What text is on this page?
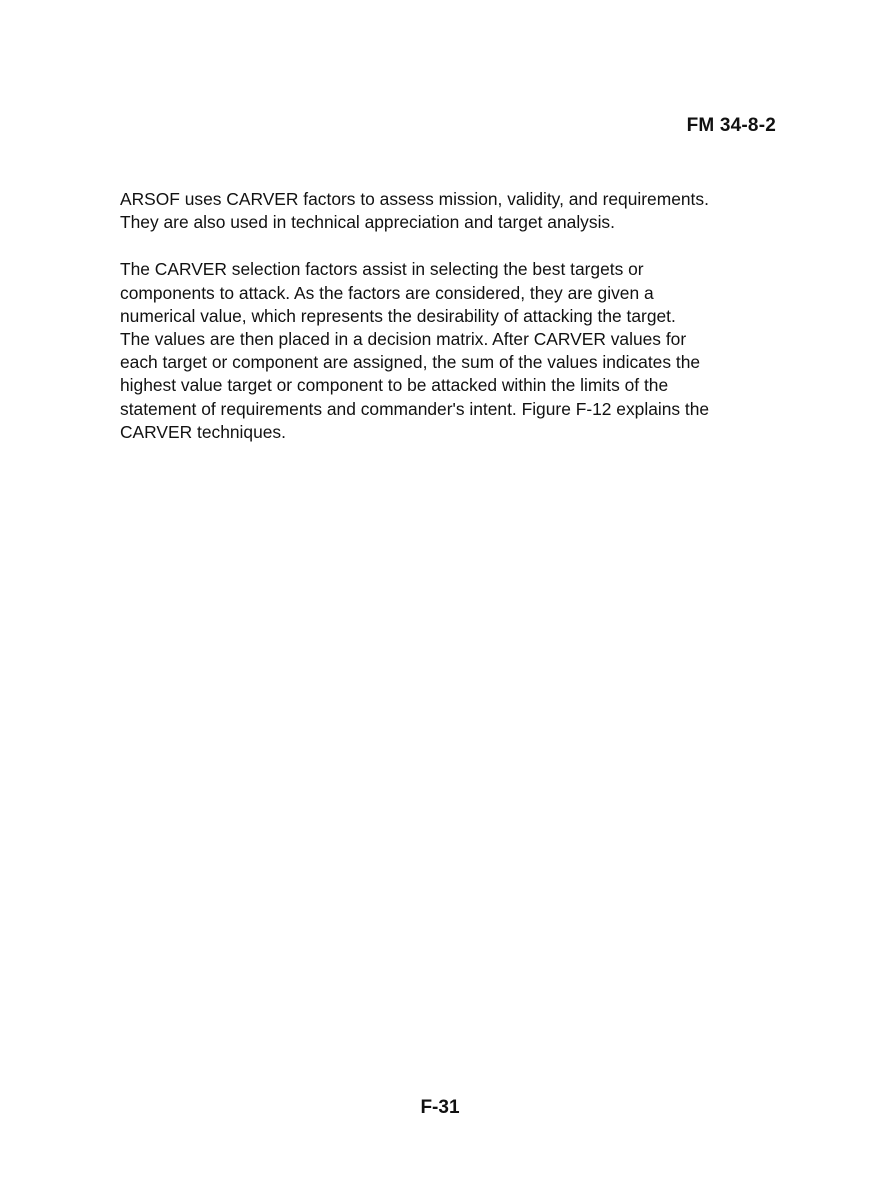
FM 34-8-2

ARSOF uses CARVER factors to assess mission, validity, and requirements.
They are also used in technical appreciation and target analysis.

The CARVER selection factors assist in selecting the best targets or
components to attack. As the factors are considered, they are given a
numerical value, which represents the desirability of attacking the target.
The values are then placed in a decision matrix. After CARVER values for
each target or component are assigned, the sum of the values indicates the
highest value target or component to be attacked within the limits of the
statement of requirements and commander's intent. Figure F-12 explains the
CARVER techniques.

F-31
